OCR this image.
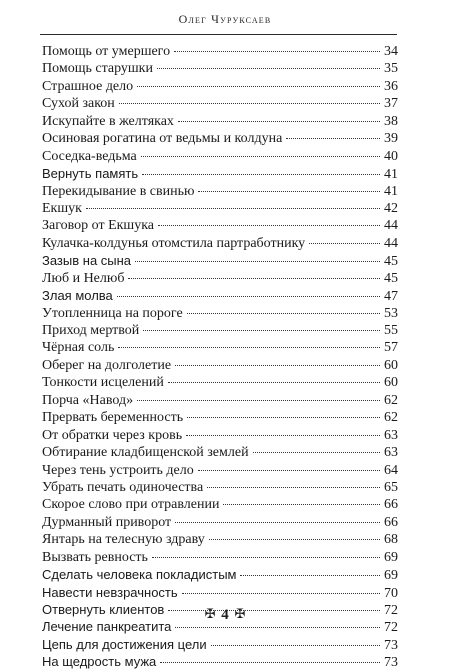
Олег Чуруксаев
Помощь от умершего	34
Помощь старушки	35
Страшное дело	36
Сухой закон	37
Искупайте в желтяках	38
Осиновая рогатина от ведьмы и колдуна	39
Соседка-ведьма	40
Вернуть память	41
Перекидывание в свинью	41
Екшук	42
Заговор от Екшука	44
Кулачка-колдунья отомстила партработнику	44
Зазыв на сына	45
Люб и Нелюб	45
Злая молва	47
Утопленница на пороге	53
Приход мертвой	55
Чёрная соль	57
Оберег на долголетие	60
Тонкости исцелений	60
Порча «Навод»	62
Прервать беременность	62
От обратки через кровь	63
Обтирание кладбищенской землей	63
Через тень устроить дело	64
Убрать печать одиночества	65
Скорое слово при отравлении	66
Дурманный приворот	66
Янтарь на телесную здраву	68
Вызвать ревность	69
Сделать человека покладистым	69
Навести невзрачность	70
Отвернуть клиентов	72
Лечение панкреатита	72
Цепь для достижения цели	73
На щедрость мужа	73
✠ 4 ✠
